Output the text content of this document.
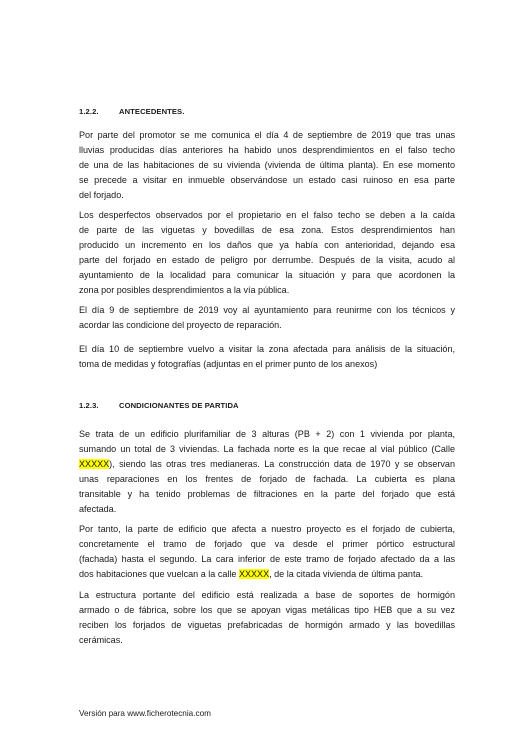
1.2.2.	ANTECEDENTES.
Por parte del promotor se me comunica el día 4 de septiembre de 2019 que tras unas
lluvias producidas días anteriores ha habido unos desprendimientos en el falso techo
de una de las habitaciones de su vivienda (vivienda de última planta). En ese momento
se precede a visitar en inmueble observándose un estado casi ruinoso en esa parte
del forjado.
Los desperfectos observados por el propietario en el falso techo se deben a la caída
de parte de las viguetas y bovedillas de esa zona. Estos desprendimientos han
producido un incremento en los daños que ya había con anterioridad, dejando esa
parte del forjado en estado de peligro por derrumbe. Después de la visita, acudo al
ayuntamiento de la localidad para comunicar la situación y para que acordonen la
zona por posibles desprendimientos a la vía pública.
El día 9 de septiembre de 2019 voy al ayuntamiento para reunirme con los técnicos y
acordar las condicione del proyecto de reparación.
El día 10 de septiembre vuelvo a visitar la zona afectada para análisis de la situación,
toma de medidas y fotografías (adjuntas en el primer punto de los anexos)
1.2.3.	CONDICIONANTES DE PARTIDA
Se trata de un edificio plurifamiliar de 3 alturas (PB + 2) con 1 vivienda por planta,
sumando un total de 3 viviendas. La fachada norte es la que recae al vial público (Calle
XXXXX), siendo las otras tres medianeras. La construcción data de 1970 y se observan
unas reparaciones en los frentes de forjado de fachada. La cubierta es plana
transitable y ha tenido problemas de filtraciones en la parte del forjado que está
afectada.
Por tanto, la parte de edificio que afecta a nuestro proyecto es el forjado de cubierta,
concretamente el tramo de forjado que va desde el primer pórtico estructural
(fachada) hasta el segundo. La cara inferior de este tramo de forjado afectado da a las
dos habitaciones que vuelcan a la calle XXXXX, de la citada vivienda de última panta.
La estructura portante del edificio está realizada a base de soportes de hormigón
armado o de fábrica, sobre los que se apoyan vigas metálicas tipo HEB que a su vez
reciben los forjados de viguetas prefabricadas de hormigón armado y las bovedillas
cerámicas.
Versión para www.ficherotecnia.com
